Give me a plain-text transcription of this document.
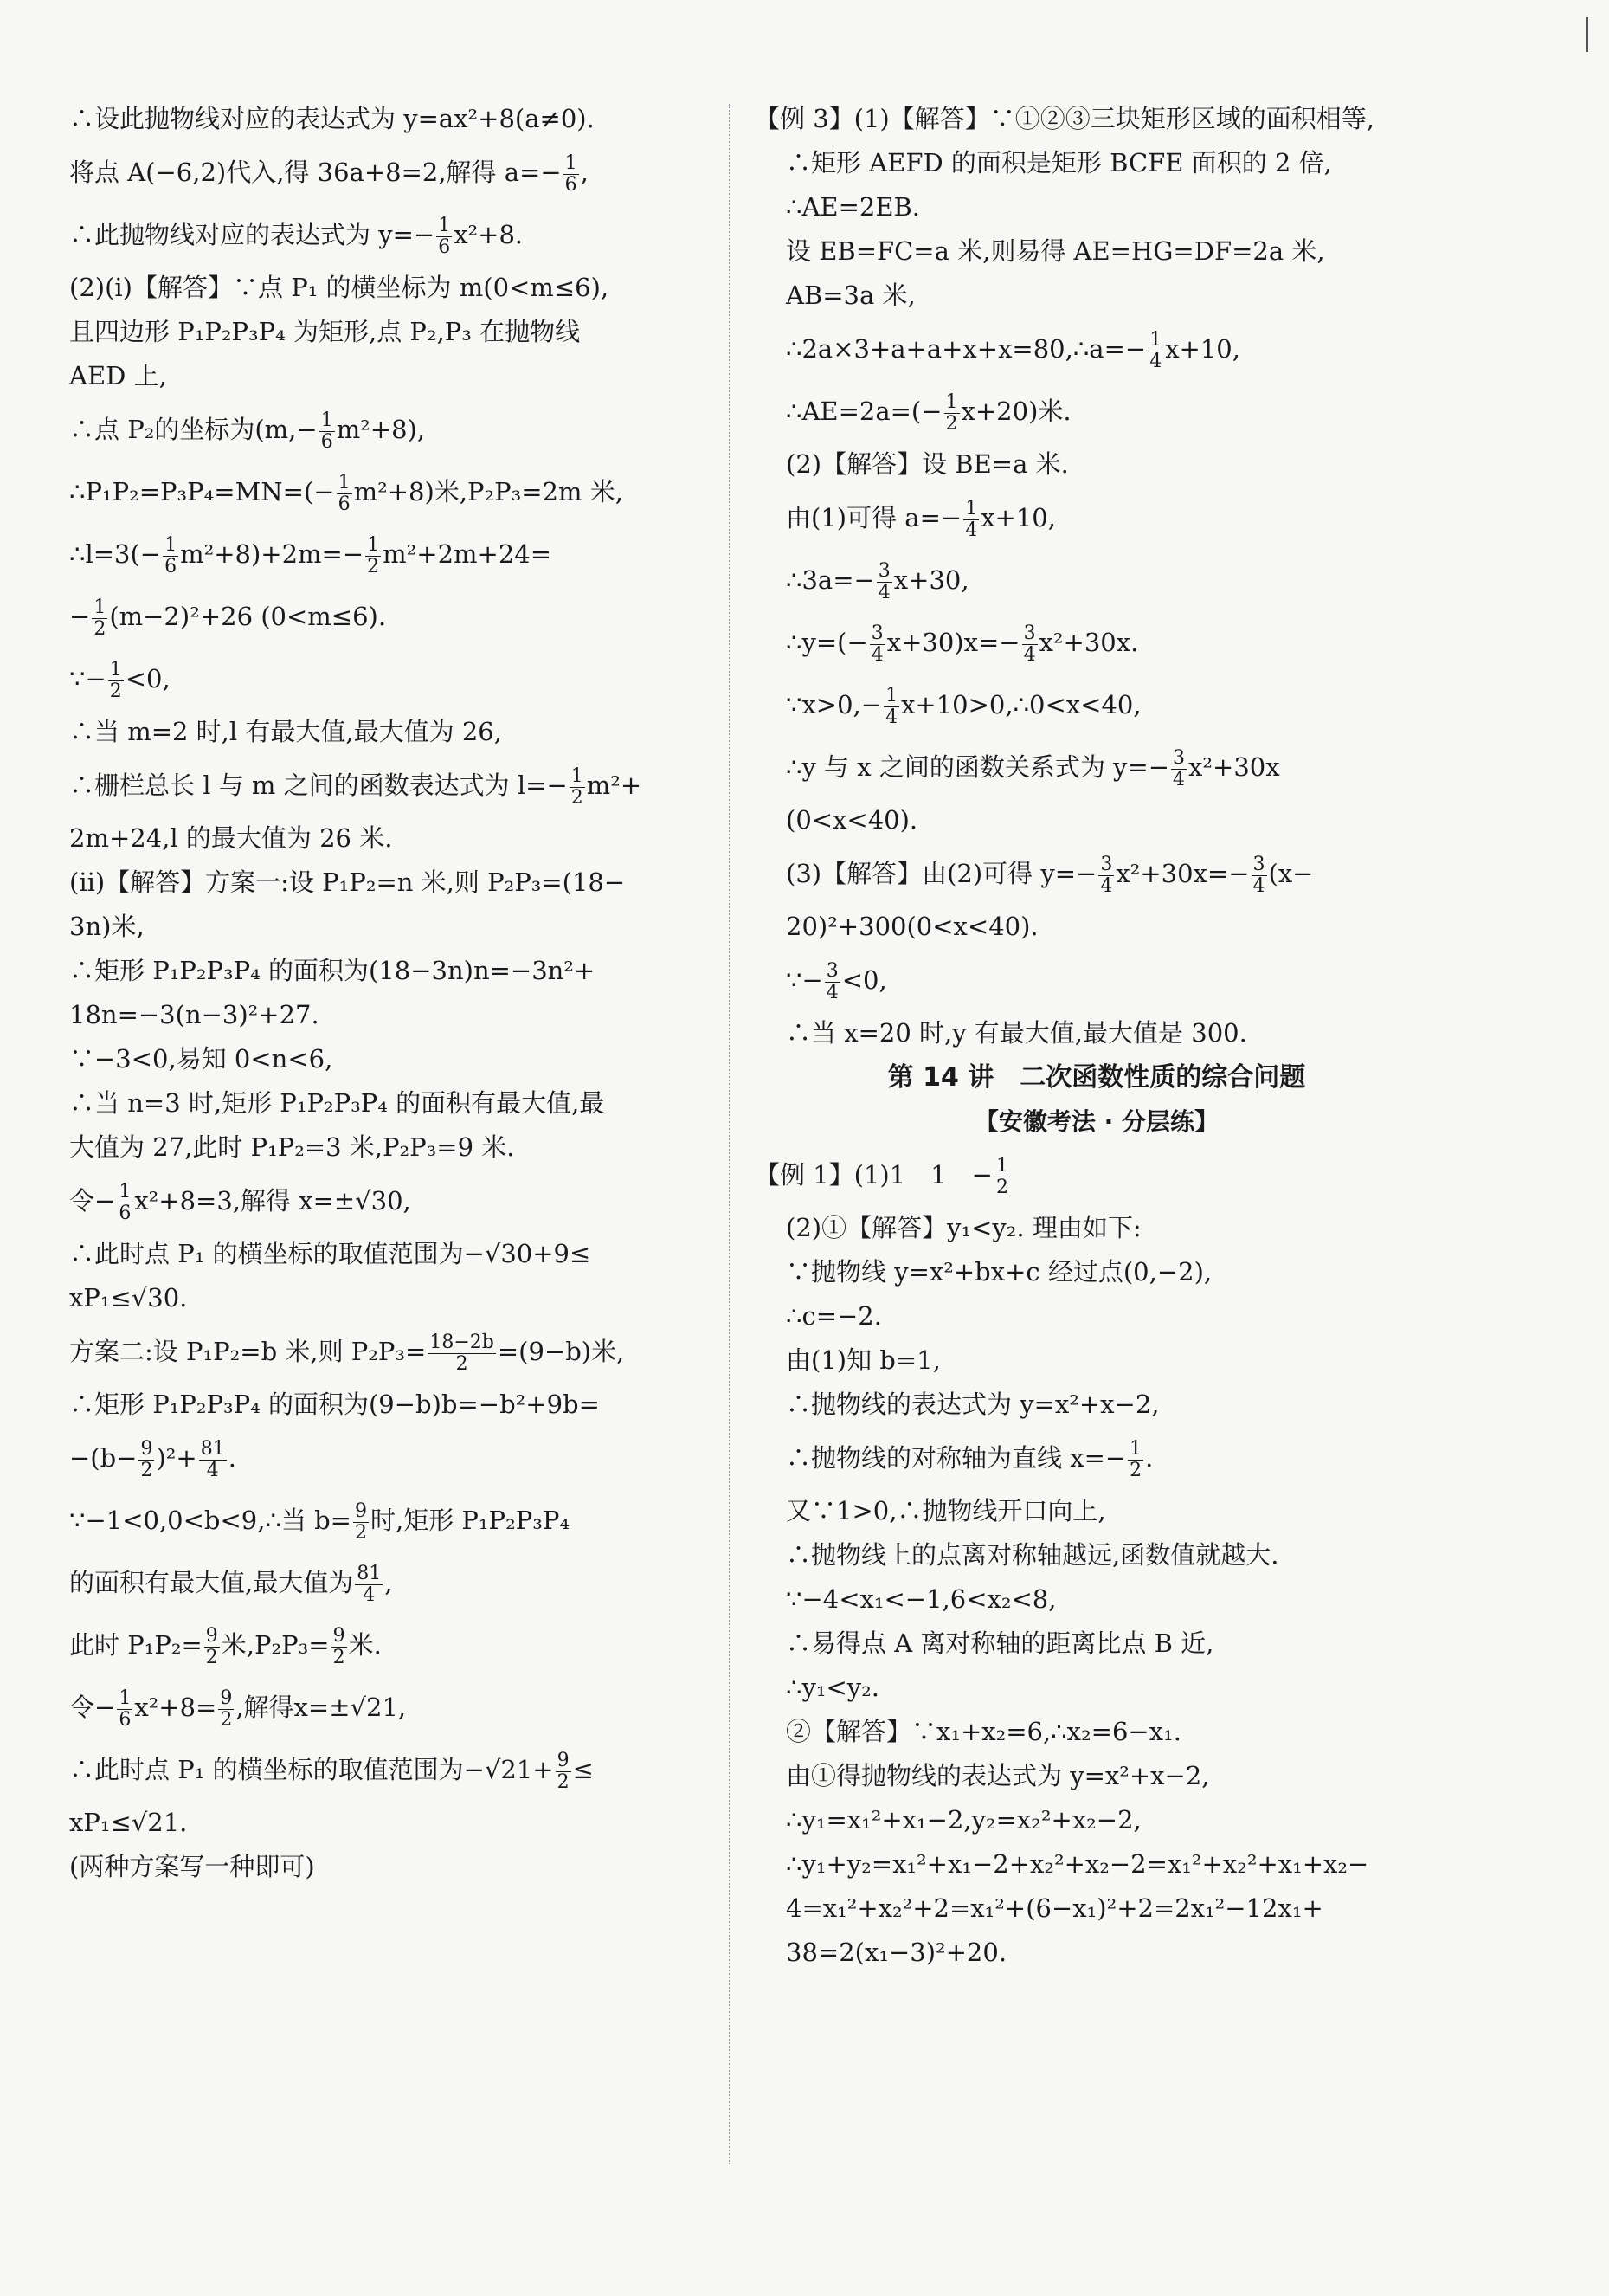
∴设此抛物线对应的表达式为 y=ax²+8(a≠0).
将点 A(−6,2)代入,得 36a+8=2,解得 $a=- \frac{1}{6}$ ,
∴此抛物线对应的表达式为 $y=- \frac{1}{6} x^2+8$.
(2)(ⅰ)【解答】∵点 P₁ 的横坐标为 m(0<m≤6),
且四边形 P₁P₂P₃P₄ 为矩形,点 P₂,P₃ 在抛物线
AED 上,
∴点 P₂的坐标为$(m,- \frac{1}{6} m^2+8)$,
∴P₁P₂=P₃P₄=MN=(− $\frac{1}{6} m^2+8$)米,P₂P₃=2m 米,
∴l=3(− $\frac{1}{6} m^2+8)+2m=- \frac{1}{2} m^2+2m+24=$
− $\frac{1}{2} (m-2)^2+26$ (0<m≤6).
∵− $\frac{1}{2} <0$,
∴当 m=2 时,l 有最大值,最大值为 26,
∴栅栏总长 l 与 m 之间的函数表达式为 $l=- \frac{1}{2} m^2+$
2m+24,l 的最大值为 26 米.
(ⅱ)【解答】方案一:设 P₁P₂=n 米,则 P₂P₃=(18−
3n)米,
∴矩形 P₁P₂P₃P₄ 的面积为(18−3n)n=−3n²+
18n=−3(n−3)²+27.
∵−3<0,易知 0<n<6,
∴当 n=3 时,矩形 P₁P₂P₃P₄ 的面积有最大值,最
大值为 27,此时 P₁P₂=3 米,P₂P₃=9 米.
令− $\frac{1}{6} x^2+8=3$,解得 x=±√30,
∴此时点 P₁ 的横坐标的取值范围为−√30+9≤
xP₁≤√30.
方案二:设 P₁P₂=b 米,则 $P_2P_3= \frac{18-2b}{2} =(9-b)$米,
∴矩形 P₁P₂P₃P₄ 的面积为(9−b)b=−b²+9b=
$-(b- \frac{9}{2} )^2+ \frac{81}{4}$ .
∵−1<0,0<b<9,∴当 $b= \frac{9}{2}$ 时,矩形 P₁P₂P₃P₄
的面积有最大值,最大值为 $\frac{81}{4}$ ,
此时 $P_1P_2= \frac{9}{2}$ 米$,P_2P_3= \frac{9}{2}$ 米.
令− $\frac{1}{6} x^2+8= \frac{9}{2}$ ,解得x=±√21,
∴此时点 P₁ 的横坐标的取值范围为$-√21+ \frac{9}{2}$ ≤
xP₁≤√21.
(两种方案写一种即可)
【例 3】(1)【解答】∵①②③三块矩形区域的面积相等,
∴矩形 AEFD 的面积是矩形 BCFE 面积的 2 倍,
∴AE=2EB.
设 EB=FC=a 米,则易得 AE=HG=DF=2a 米,
AB=3a 米,
∴2a×3+a+a+x+x=80,∴a=− $\frac{1}{4} x+10$,
∴AE=2a=(− $\frac{1}{2} x+20$)米.
(2)【解答】设 BE=a 米.
由(1)可得 $a=- \frac{1}{4} x+10$,
∴3a=− $\frac{3}{4} x+30$,
∴y=(− $\frac{3}{4} x+30)x=- \frac{3}{4} x^2+30x$.
∵x>0,− $\frac{1}{4}$ x+10>0,∴0<x<40,
∴y 与 x 之间的函数关系式为 $y=- \frac{3}{4} x^2+30x$
(0<x<40).
(3)【解答】由(2)可得 $y=- \frac{3}{4} x^2+30x=- \frac{3}{4} (x-$
20)²+300(0<x<40).
∵− $\frac{3}{4} <0$,
∴当 x=20 时,y 有最大值,最大值是 300.
第 14 讲　二次函数性质的综合问题
【安徽考法 · 分层练】
【例 1】(1)1　1　− $\frac{1}{2}$
(2)①【解答】y₁<y₂. 理由如下:
∵抛物线 y=x²+bx+c 经过点(0,−2),
∴c=−2.
由(1)知 b=1,
∴抛物线的表达式为 y=x²+x−2,
∴抛物线的对称轴为直线 $x=- \frac{1}{2}$ .
又∵1>0,∴抛物线开口向上,
∴抛物线上的点离对称轴越远,函数值就越大.
∵−4<x₁<−1,6<x₂<8,
∴易得点 A 离对称轴的距离比点 B 近,
∴y₁<y₂.
②【解答】∵x₁+x₂=6,∴x₂=6−x₁.
由①得抛物线的表达式为 y=x²+x−2,
∴y₁=x₁²+x₁−2,y₂=x₂²+x₂−2,
∴y₁+y₂=x₁²+x₁−2+x₂²+x₂−2=x₁²+x₂²+x₁+x₂−
4=x₁²+x₂²+2=x₁²+(6−x₁)²+2=2x₁²−12x₁+
38=2(x₁−3)²+20.
